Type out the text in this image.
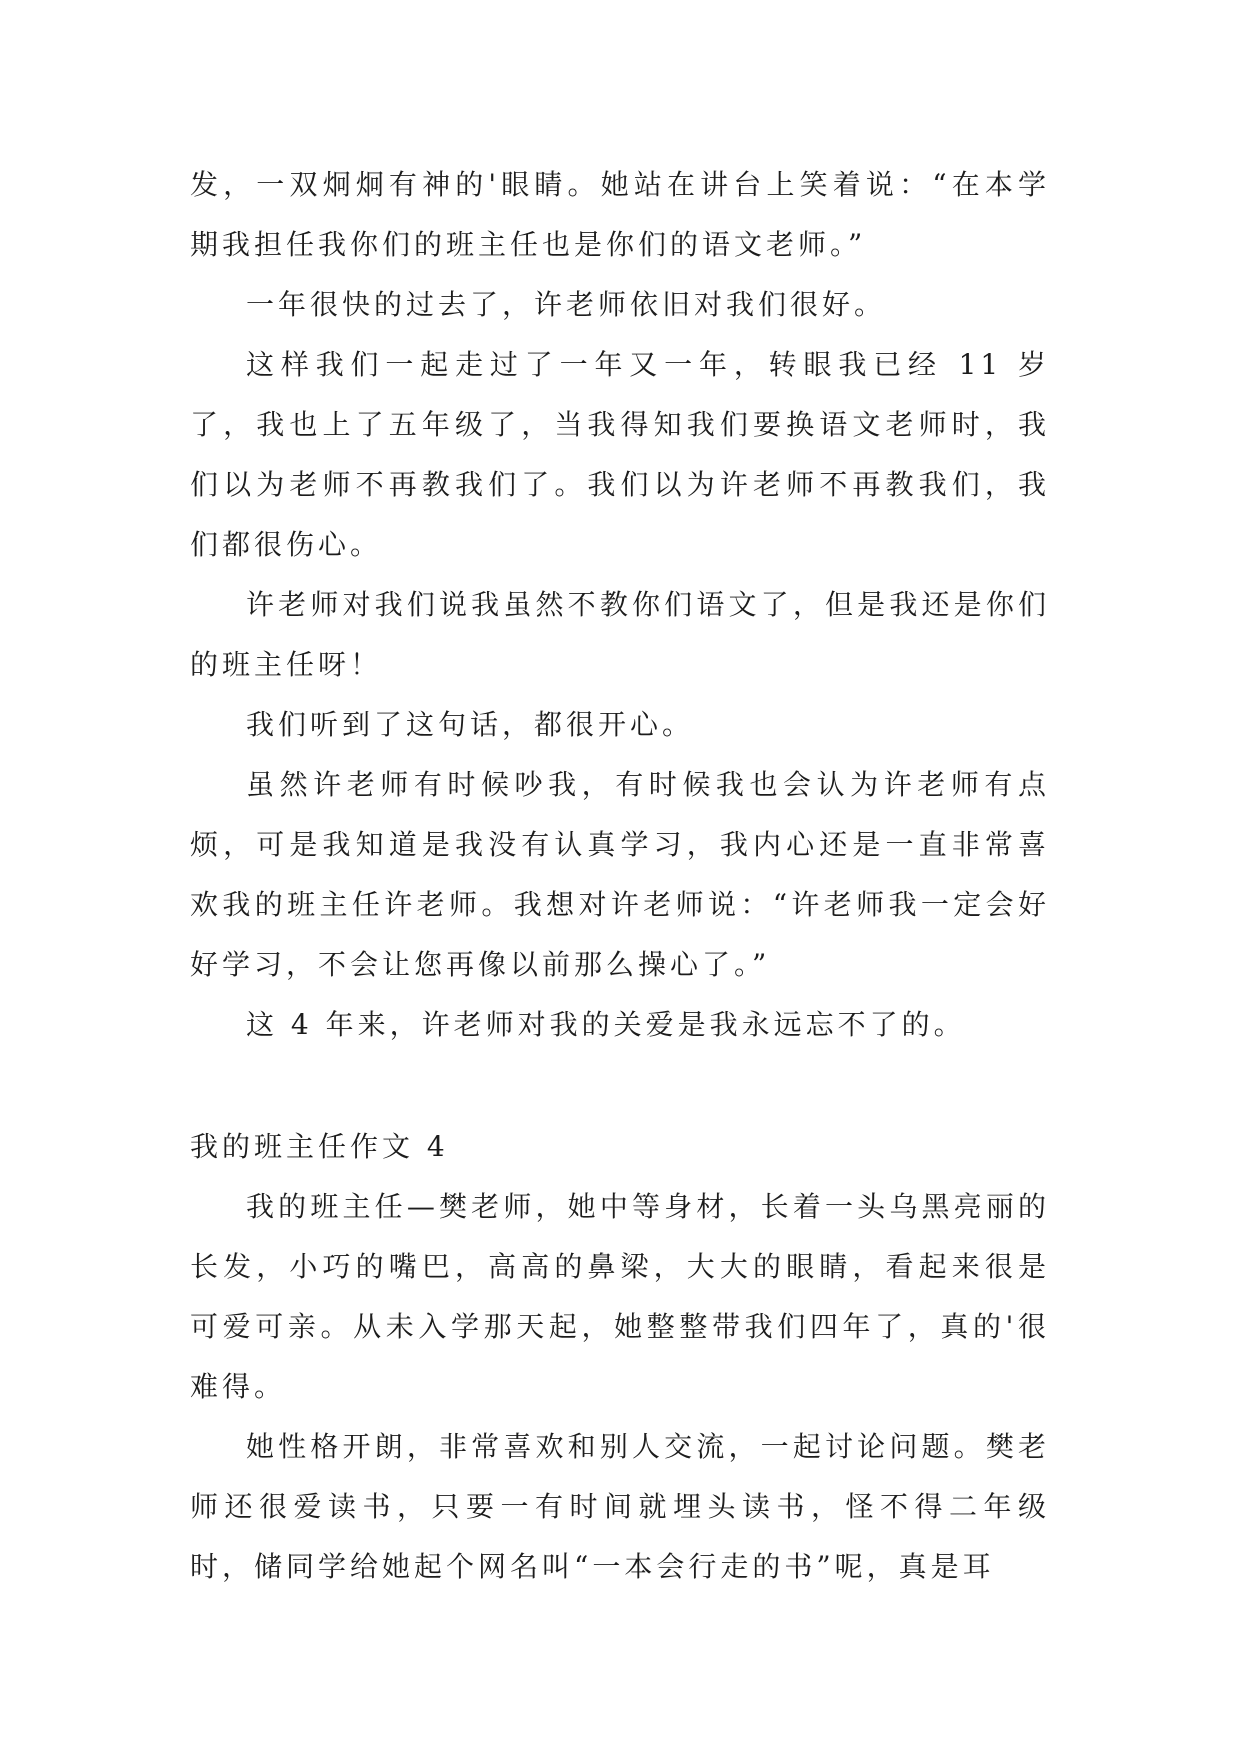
发，一双炯炯有神的'眼睛。她站在讲台上笑着说：“在本学期我担任我你们的班主任也是你们的语文老师。”

一年很快的过去了，许老师依旧对我们很好。

这样我们一起走过了一年又一年，转眼我已经 11 岁了，我也上了五年级了，当我得知我们要换语文老师时，我们以为老师不再教我们了。我们以为许老师不再教我们，我们都很伤心。

许老师对我们说我虽然不教你们语文了，但是我还是你们的班主任呀！

我们听到了这句话，都很开心。

虽然许老师有时候吵我，有时候我也会认为许老师有点烦，可是我知道是我没有认真学习，我内心还是一直非常喜欢我的班主任许老师。我想对许老师说：“许老师我一定会好好学习，不会让您再像以前那么操心了。”

这 4 年来，许老师对我的关爱是我永远忘不了的。

我的班主任作文 4

我的班主任—樊老师，她中等身材，长着一头乌黑亮丽的长发，小巧的嘴巴，高高的鼻梁，大大的眼睛，看起来很是可爱可亲。从未入学那天起，她整整带我们四年了，真的'很难得。

她性格开朗，非常喜欢和别人交流，一起讨论问题。樊老师还很爱读书，只要一有时间就埋头读书，怪不得二年级时，储同学给她起个网名叫“一本会行走的书”呢，真是耳
